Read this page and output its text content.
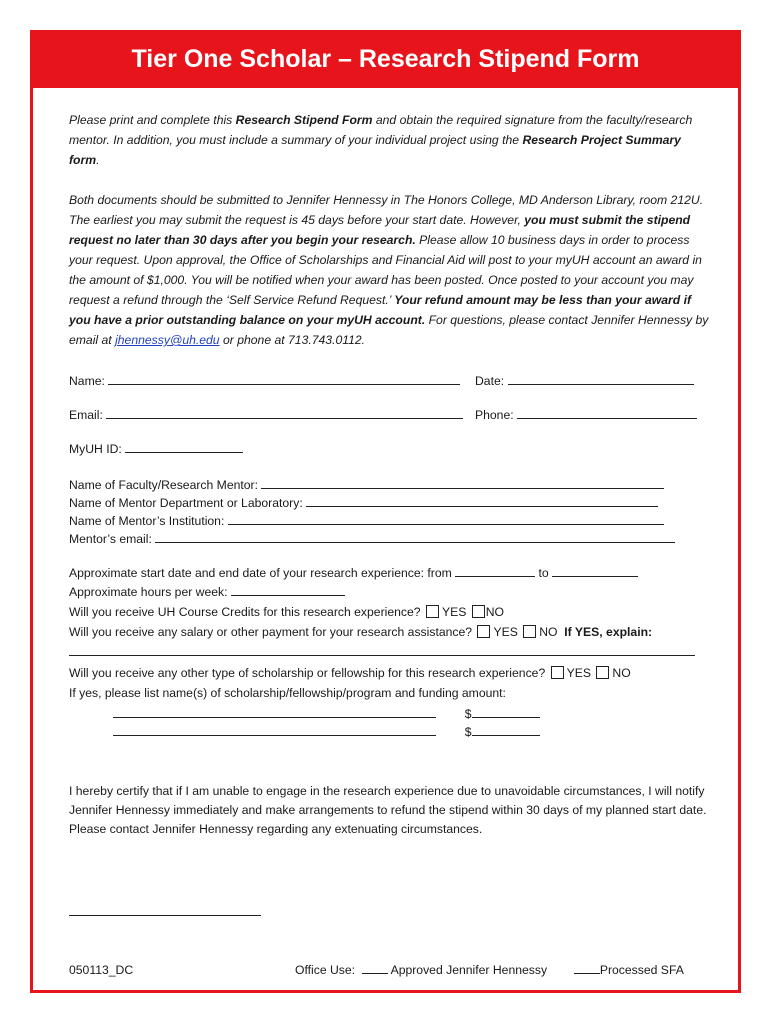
Tier One Scholar – Research Stipend Form
Please print and complete this Research Stipend Form and obtain the required signature from the faculty/research mentor. In addition, you must include a summary of your individual project using the Research Project Summary form.
Both documents should be submitted to Jennifer Hennessy in The Honors College, MD Anderson Library, room 212U. The earliest you may submit the request is 45 days before your start date. However, you must submit the stipend request no later than 30 days after you begin your research. Please allow 10 business days in order to process your request. Upon approval, the Office of Scholarships and Financial Aid will post to your myUH account an award in the amount of $1,000. You will be notified when your award has been posted. Once posted to your account you may request a refund through the ‘Self Service Refund Request.’ Your refund amount may be less than your award if you have a prior outstanding balance on your myUH account. For questions, please contact Jennifer Hennessy by email at jhennessy@uh.edu or phone at 713.743.0112.
Name:	Date:
Email:	Phone:
MyUH ID:
Name of Faculty/Research Mentor:
Name of Mentor Department or Laboratory:
Name of Mentor’s Institution:
Mentor’s email:
Approximate start date and end date of your research experience: from	to
Approximate hours per week:
Will you receive UH Course Credits for this research experience? YES NO
Will you receive any salary or other payment for your research assistance? YES NO If YES, explain:
Will you receive any other type of scholarship or fellowship for this research experience? YES NO
If yes, please list name(s) of scholarship/fellowship/program and funding amount:
$
$
I hereby certify that if I am unable to engage in the research experience due to unavoidable circumstances, I will notify Jennifer Hennessy immediately and make arrangements to refund the stipend within 30 days of my planned start date. Please contact Jennifer Hennessy regarding any extenuating circumstances.
050113_DC	Office Use:	Approved Jennifer Hennessy	Processed SFA
